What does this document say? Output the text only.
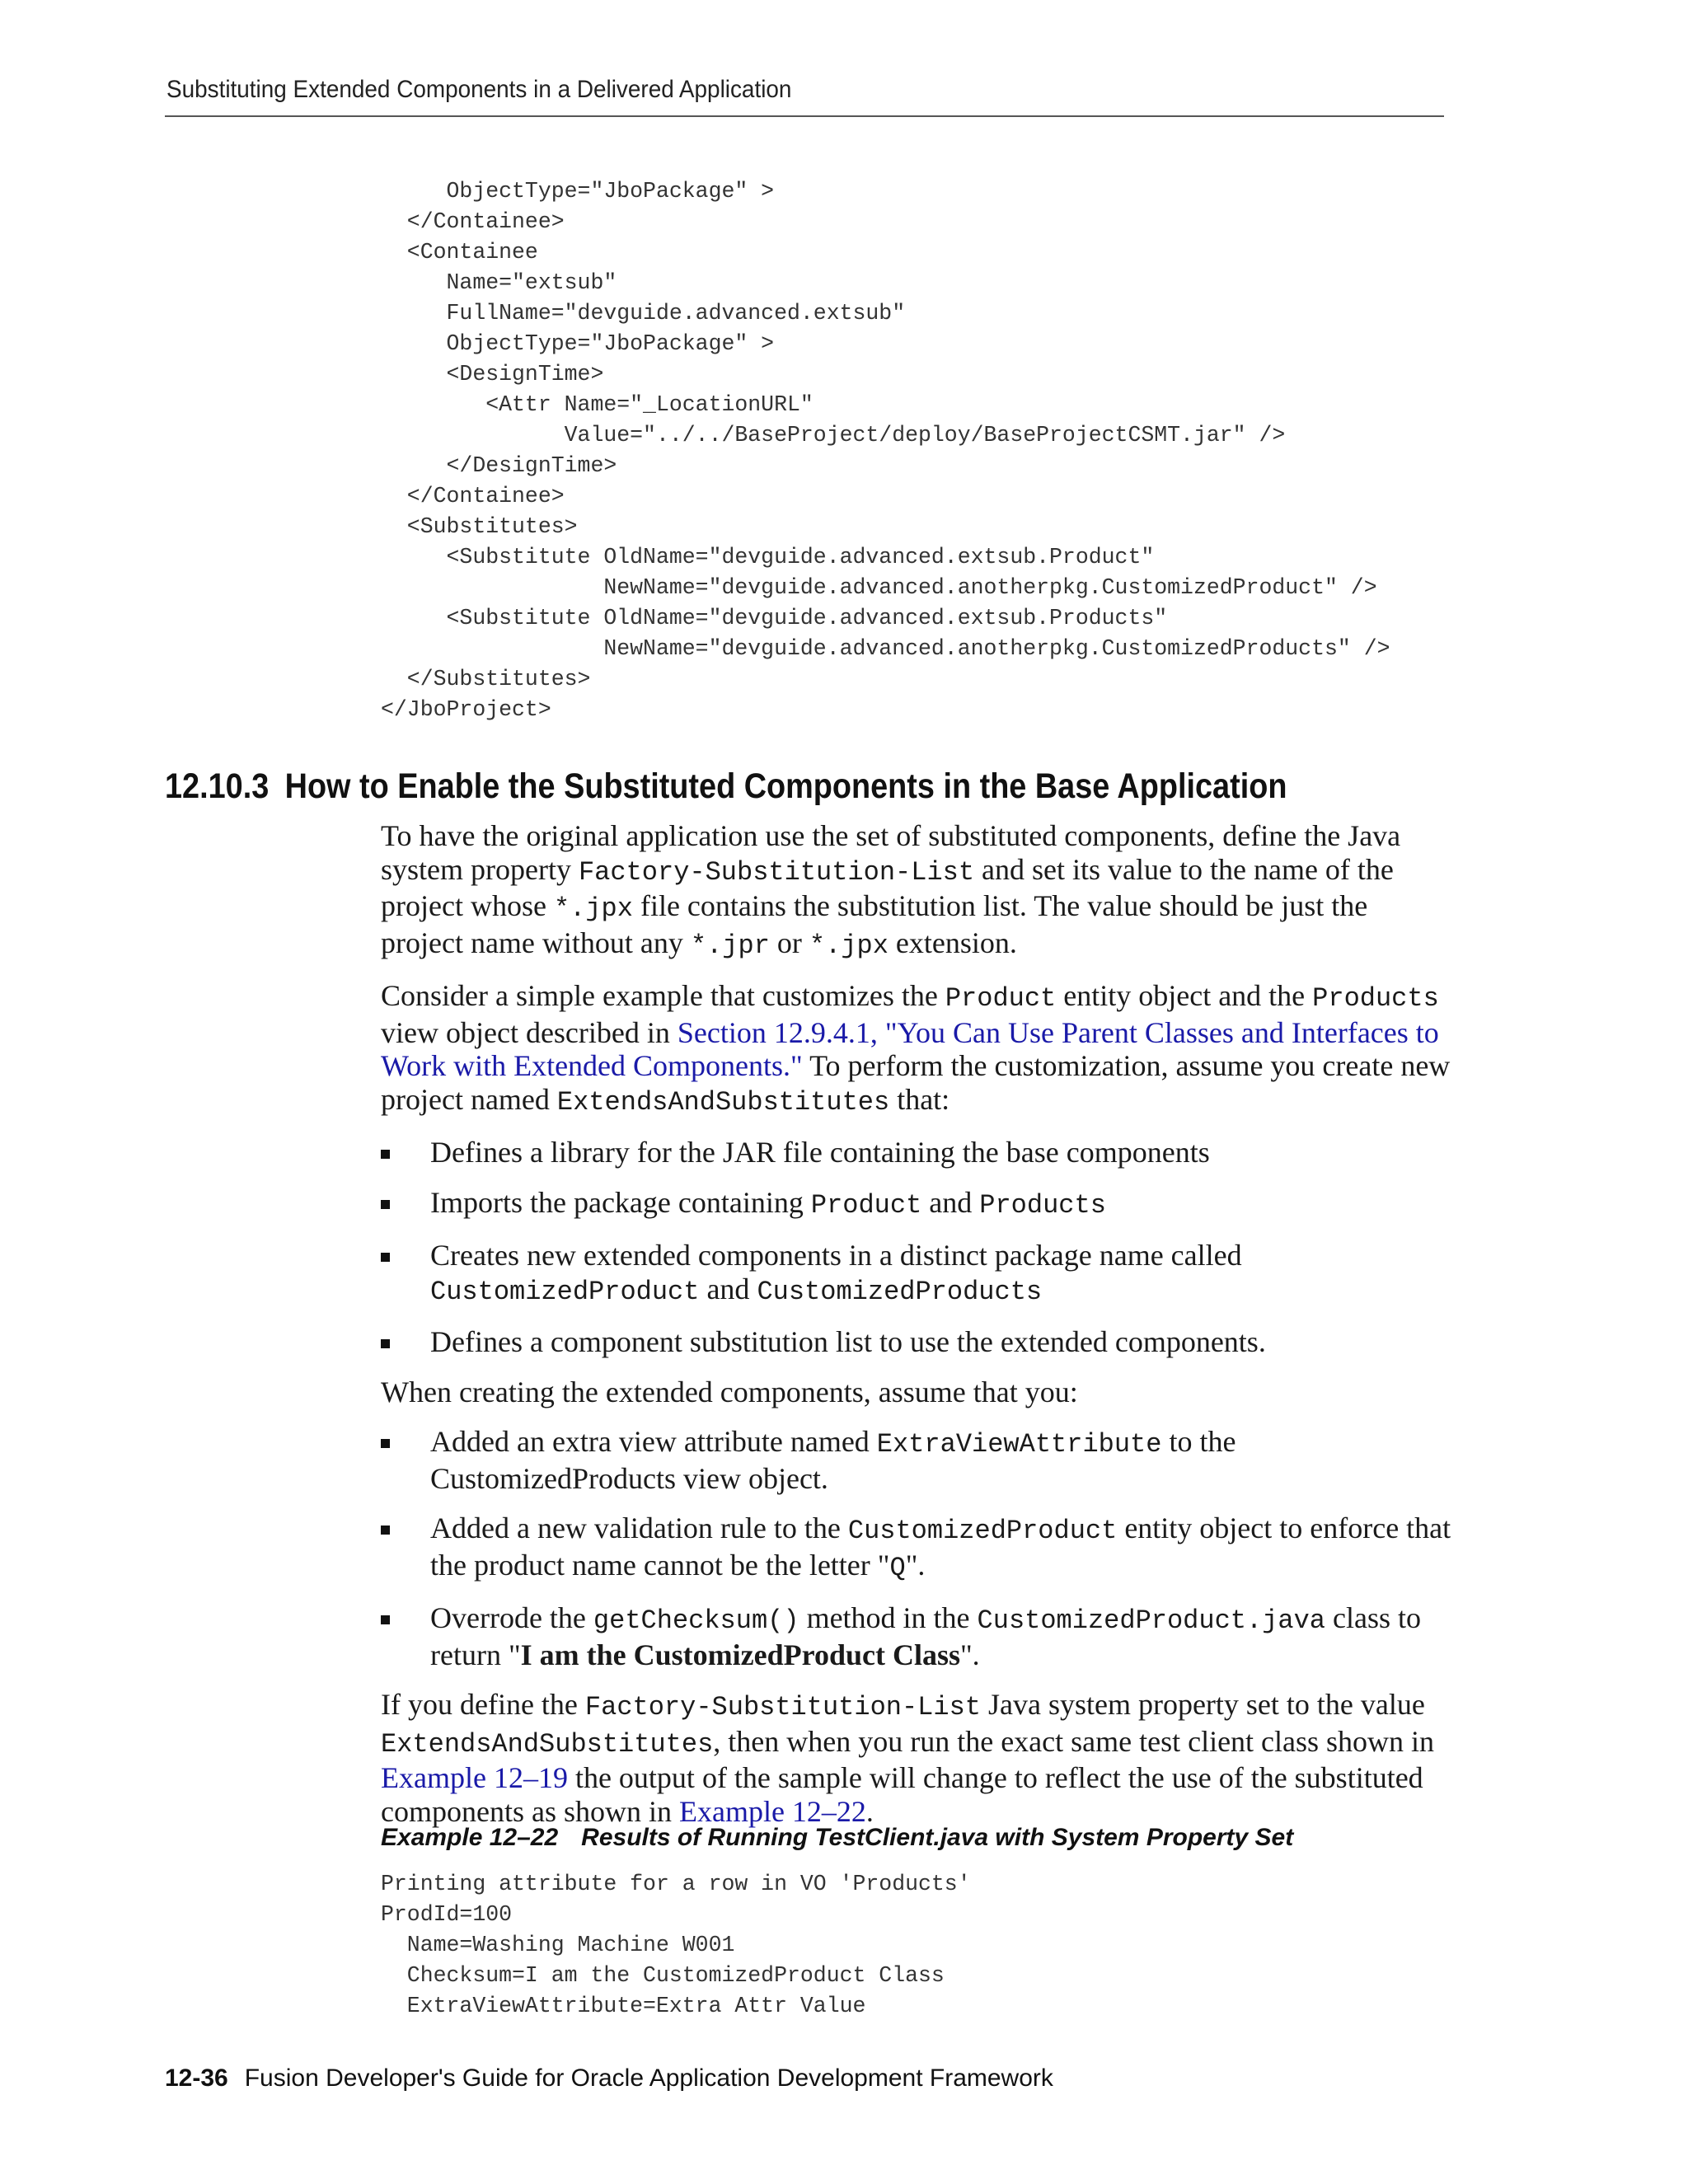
Substituting Extended Components in a Delivered Application
ObjectType="JboPackage" >
</Containee>
<Containee
Name="extsub"
FullName="devguide.advanced.extsub"
ObjectType="JboPackage" >
<DesignTime>
<Attr Name="_LocationURL"
Value="../../BaseProject/deploy/BaseProjectCSMT.jar" />
</DesignTime>
</Containee>
<Substitutes>
<Substitute OldName="devguide.advanced.extsub.Product"
NewName="devguide.advanced.anotherpkg.CustomizedProduct" />
<Substitute OldName="devguide.advanced.extsub.Products"
NewName="devguide.advanced.anotherpkg.CustomizedProducts" />
</Substitutes>
</JboProject>
12.10.3 How to Enable the Substituted Components in the Base Application

To have the original application use the set of substituted components, define the Java system property Factory-Substitution-List and set its value to the name of the project whose *.jpx file contains the substitution list. The value should be just the project name without any *.jpr or *.jpx extension.

Consider a simple example that customizes the Product entity object and the Products view object described in Section 12.9.4.1, "You Can Use Parent Classes and Interfaces to Work with Extended Components." To perform the customization, assume you create new project named ExtendsAndSubstitutes that:

Defines a library for the JAR file containing the base components
Imports the package containing Product and Products
Creates new extended components in a distinct package name called CustomizedProduct and CustomizedProducts
Defines a component substitution list to use the extended components.

When creating the extended components, assume that you:

Added an extra view attribute named ExtraViewAttribute to the CustomizedProducts view object.
Added a new validation rule to the CustomizedProduct entity object to enforce that the product name cannot be the letter "Q".
Overrode the getChecksum() method in the CustomizedProduct.java class to return "I am the CustomizedProduct Class".

If you define the Factory-Substitution-List Java system property set to the value ExtendsAndSubstitutes, then when you run the exact same test client class shown in Example 12–19 the output of the sample will change to reflect the use of the substituted components as shown in Example 12–22.

Example 12–22 Results of Running TestClient.java with System Property Set
Printing attribute for a row in VO 'Products'
ProdId=100
Name=Washing Machine W001
Checksum=I am the CustomizedProduct Class
ExtraViewAttribute=Extra Attr Value
12-36 Fusion Developer's Guide for Oracle Application Development Framework
